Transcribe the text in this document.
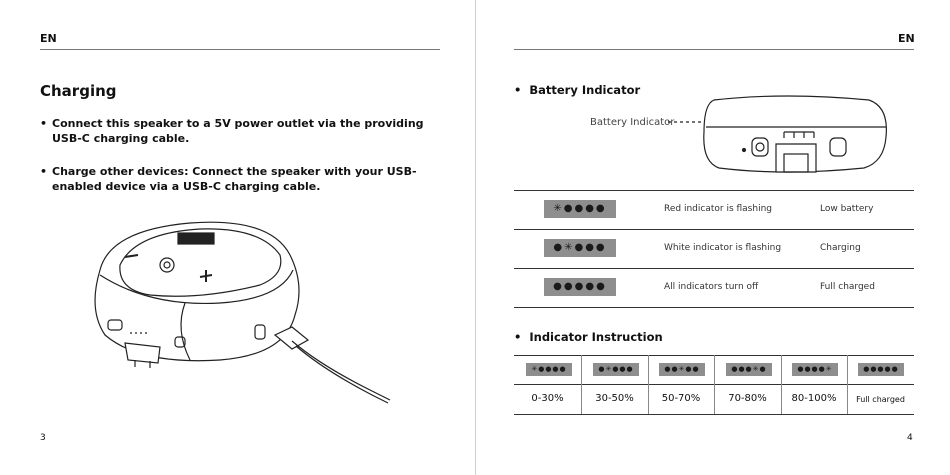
EN
Charging
• Connect this speaker to a 5V power outlet via the providing USB-C charging cable.
• Charge other devices: Connect the speaker with your USB-enabled device via a USB-C charging cable.
3
EN
• Battery Indicator
Battery Indicator
✳●●●●	Red indicator is flashing	Low battery
●✳●●●	White indicator is flashing	Charging
●●●●●	All indicators turn off	Full charged
• Indicator Instruction
✳●●●●	●✳●●●	●●✳●●	●●●✳●	●●●●✳	●●●●●
0-30%	30-50%	50-70%	70-80%	80-100%	Full charged
4
